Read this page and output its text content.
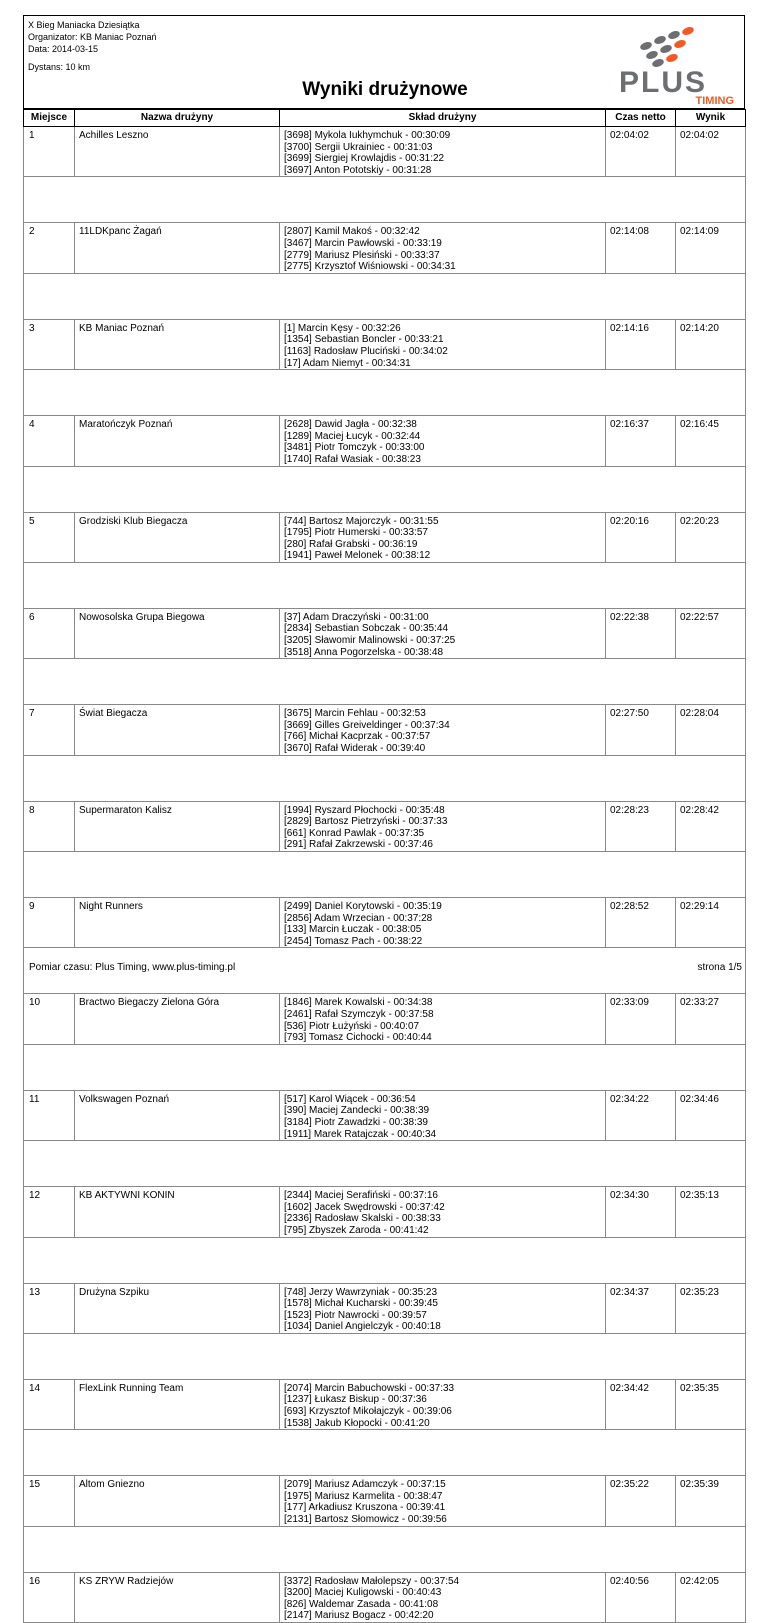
X Bieg Maniacka Dziesiątka
Organizator: KB Maniac Poznań
Data: 2014-03-15
Dystans: 10 km
Wyniki drużynowe	PLUS
TIMING
Miejsce	Nazwa drużyny	Skład drużyny	Czas netto	Wynik
1	Achilles Leszno	[3698] Mykola Iukhymchuk - 00:30:09
[3700] Sergii Ukrainiec - 00:31:03
[3699] Siergiej Krowlajdis - 00:31:22
[3697] Anton Pototskiy - 00:31:28	02:04:02	02:04:02

2	11LDKpanc Żagań	[2807] Kamil Makoś - 00:32:42
[3467] Marcin Pawłowski - 00:33:19
[2779] Mariusz Plesiński - 00:33:37
[2775] Krzysztof Wiśniowski - 00:34:31	02:14:08	02:14:09

3	KB Maniac Poznań	[1] Marcin Kęsy - 00:32:26
[1354] Sebastian Boncler - 00:33:21
[1163] Radosław Pluciński - 00:34:02
[17] Adam Niemyt - 00:34:31	02:14:16	02:14:20

4	Maratończyk Poznań	[2628] Dawid Jagła - 00:32:38
[1289] Maciej Łucyk - 00:32:44
[3481] Piotr Tomczyk - 00:33:00
[1740] Rafał Wasiak - 00:38:23	02:16:37	02:16:45

5	Grodziski Klub Biegacza	[744] Bartosz Majorczyk - 00:31:55
[1795] Piotr Humerski - 00:33:57
[280] Rafał Grabski - 00:36:19
[1941] Paweł Melonek - 00:38:12	02:20:16	02:20:23

6	Nowosolska Grupa Biegowa	[37] Adam Draczyński - 00:31:00
[2834] Sebastian Sobczak - 00:35:44
[3205] Sławomir Malinowski - 00:37:25
[3518] Anna Pogorzelska - 00:38:48	02:22:38	02:22:57

7	Świat Biegacza	[3675] Marcin Fehlau - 00:32:53
[3669] Gilles Greiveldinger - 00:37:34
[766] Michał Kacprzak - 00:37:57
[3670] Rafał Widerak - 00:39:40	02:27:50	02:28:04

8	Supermaraton Kalisz	[1994] Ryszard Płochocki - 00:35:48
[2829] Bartosz Pietrzyński - 00:37:33
[661] Konrad Pawlak - 00:37:35
[291] Rafał Zakrzewski - 00:37:46	02:28:23	02:28:42

9	Night Runners	[2499] Daniel Korytowski - 00:35:19
[2856] Adam Wrzecian - 00:37:28
[133] Marcin Łuczak - 00:38:05
[2454] Tomasz Pach - 00:38:22	02:28:52	02:29:14

10	Bractwo Biegaczy Zielona Góra	[1846] Marek Kowalski - 00:34:38
[2461] Rafał Szymczyk - 00:37:58
[536] Piotr Łużyński - 00:40:07
[793] Tomasz Cichocki - 00:40:44	02:33:09	02:33:27

11	Volkswagen Poznań	[517] Karol Wiącek - 00:36:54
[390] Maciej Zandecki - 00:38:39
[3184] Piotr Zawadzki - 00:38:39
[1911] Marek Ratajczak - 00:40:34	02:34:22	02:34:46

12	KB AKTYWNI KONIN	[2344] Maciej Serafiński - 00:37:16
[1602] Jacek Swędrowski - 00:37:42
[2336] Radosław Skalski - 00:38:33
[795] Zbyszek Zaroda - 00:41:42	02:34:30	02:35:13

13	Drużyna Szpiku	[748] Jerzy Wawrzyniak - 00:35:23
[1578] Michał Kucharski - 00:39:45
[1523] Piotr Nawrocki - 00:39:57
[1034] Daniel Angielczyk - 00:40:18	02:34:37	02:35:23

14	FlexLink Running Team	[2074] Marcin Babuchowski - 00:37:33
[1237] Łukasz Biskup - 00:37:36
[693] Krzysztof Mikołajczyk - 00:39:06
[1538] Jakub Kłopocki - 00:41:20	02:34:42	02:35:35

15	Altom Gniezno	[2079] Mariusz Adamczyk - 00:37:15
[1975] Mariusz Karmelita - 00:38:47
[177] Arkadiusz Kruszona - 00:39:41
[2131] Bartosz Słomowicz - 00:39:56	02:35:22	02:35:39

16	KS ZRYW Radziejów	[3372] Radosław Małolepszy - 00:37:54
[3200] Maciej Kuligowski - 00:40:43
[826] Waldemar Zasada - 00:41:08
[2147] Mariusz Bogacz - 00:42:20	02:40:56	02:42:05
Pomiar czasu: Plus Timing, www.plus-timing.pl	strona 1/5
